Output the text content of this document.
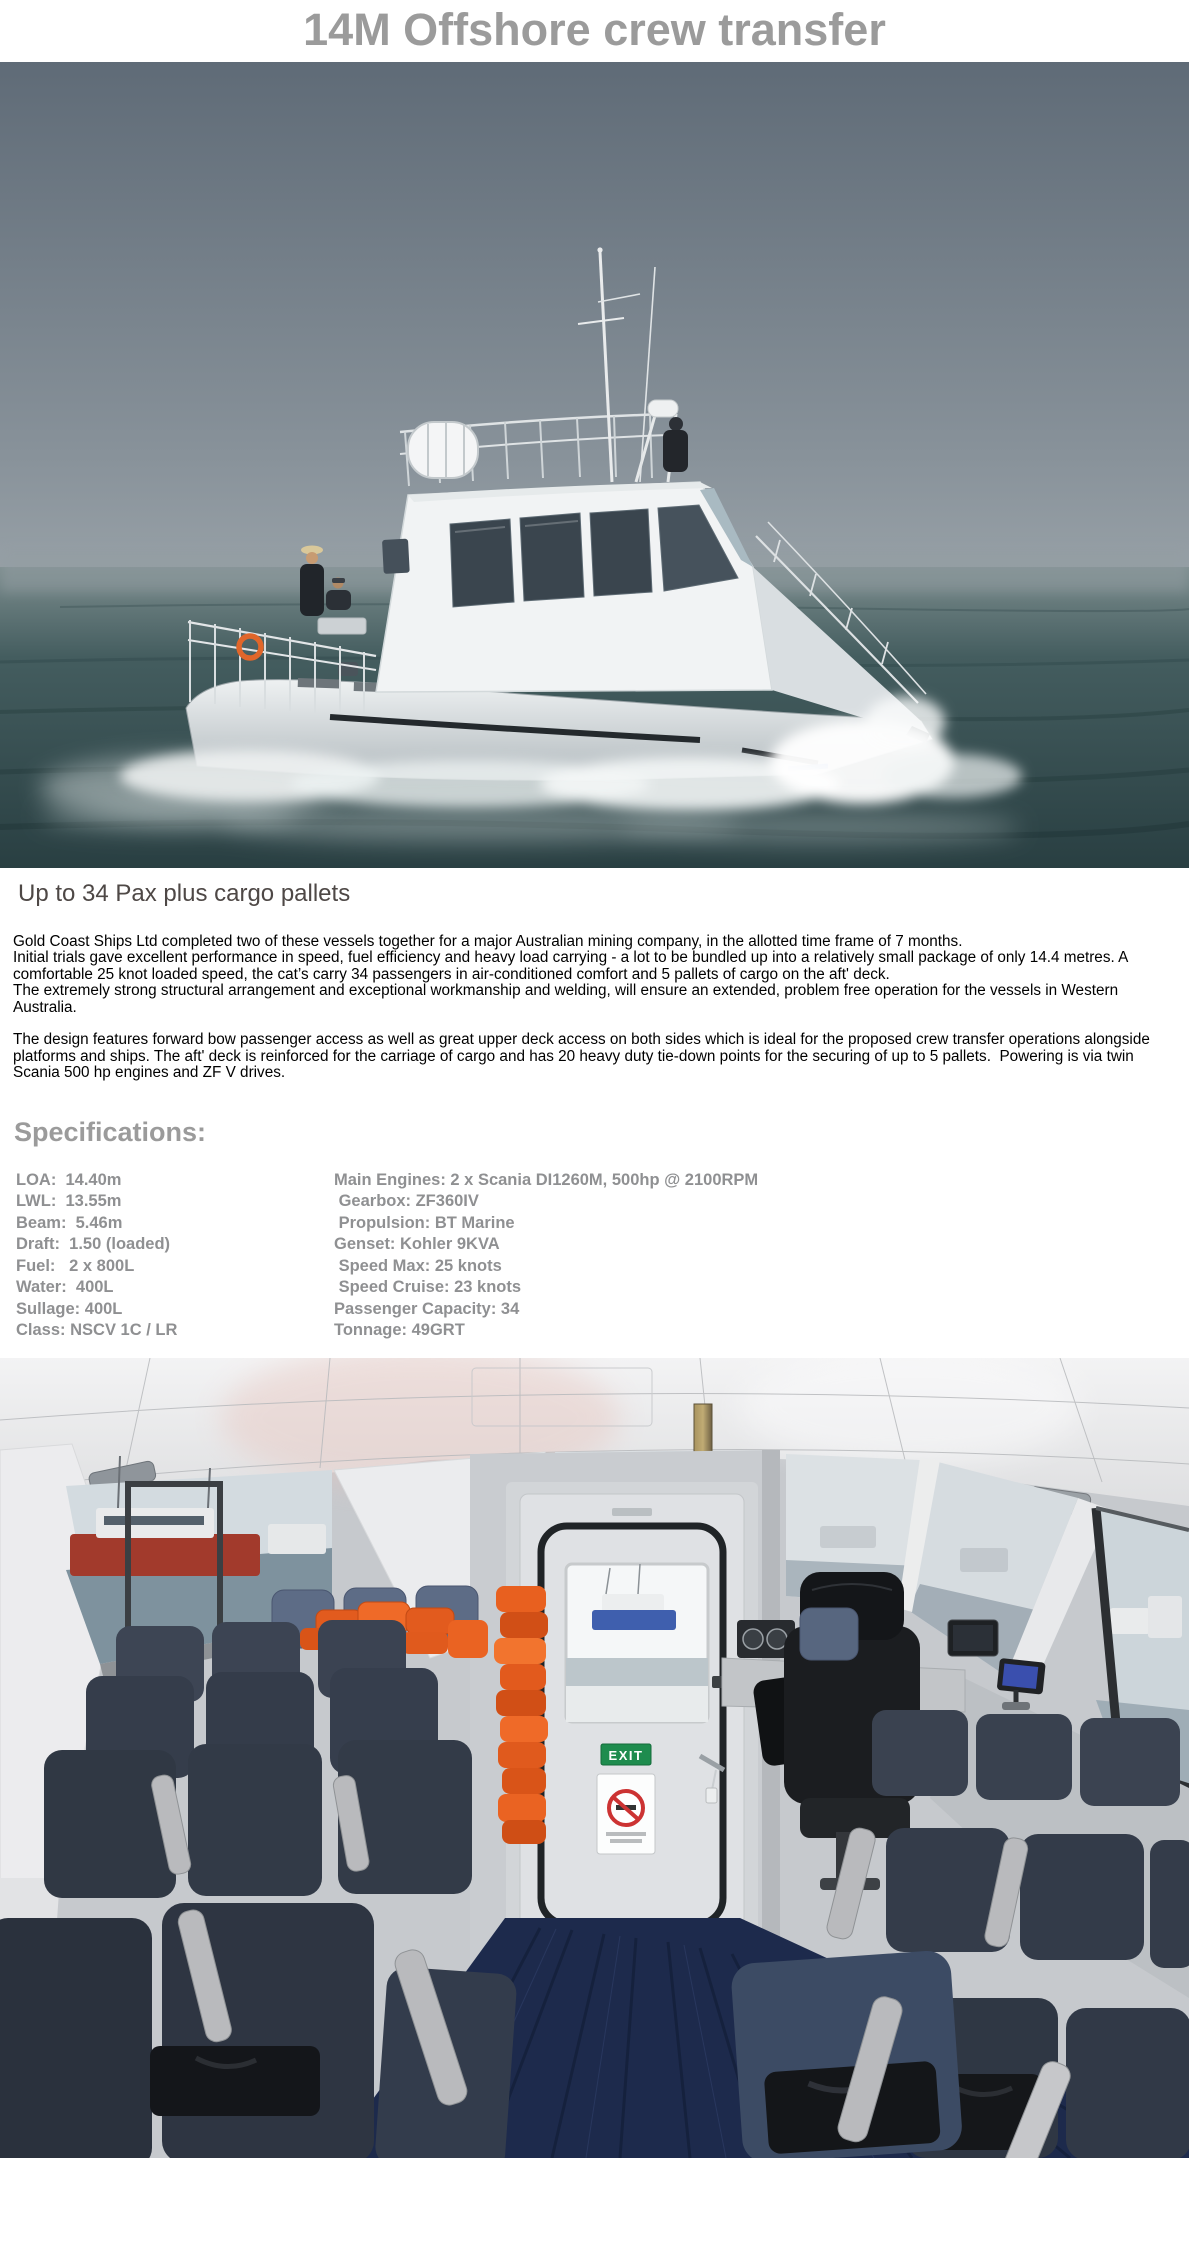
14M Offshore crew transfer
Up to 34 Pax plus cargo pallets
Gold Coast Ships Ltd completed two of these vessels together for a major Australian mining company, in the allotted time frame of 7 months.
Initial trials gave excellent performance in speed, fuel efficiency and heavy load carrying - a lot to be bundled up into a relatively small package of only 14.4 metres. A comfortable 25 knot loaded speed, the cat’s carry 34 passengers in air-conditioned comfort and 5 pallets of cargo on the aft' deck.
The extremely strong structural arrangement and exceptional workmanship and welding, will ensure an extended, problem free operation for the vessels in Western Australia.
The design features forward bow passenger access as well as great upper deck access on both sides which is ideal for the proposed crew transfer operations alongside platforms and ships. The aft' deck is reinforced for the carriage of cargo and has 20 heavy duty tie-down points for the securing of up to 5 pallets.  Powering is via twin Scania 500 hp engines and ZF V drives.
Specifications:
LOA:  14.40m	Main Engines: 2 x Scania DI1260M, 500hp @ 2100RPM
LWL:  13.55m	Gearbox: ZF360IV
Beam:  5.46m	Propulsion: BT Marine
Draft:  1.50 (loaded)	Genset: Kohler 9KVA
Fuel:   2 x 800L	Speed Max: 25 knots
Water:  400L	Speed Cruise: 23 knots
Sullage: 400L	Passenger Capacity: 34
Class: NSCV 1C / LR	Tonnage: 49GRT
EXIT
